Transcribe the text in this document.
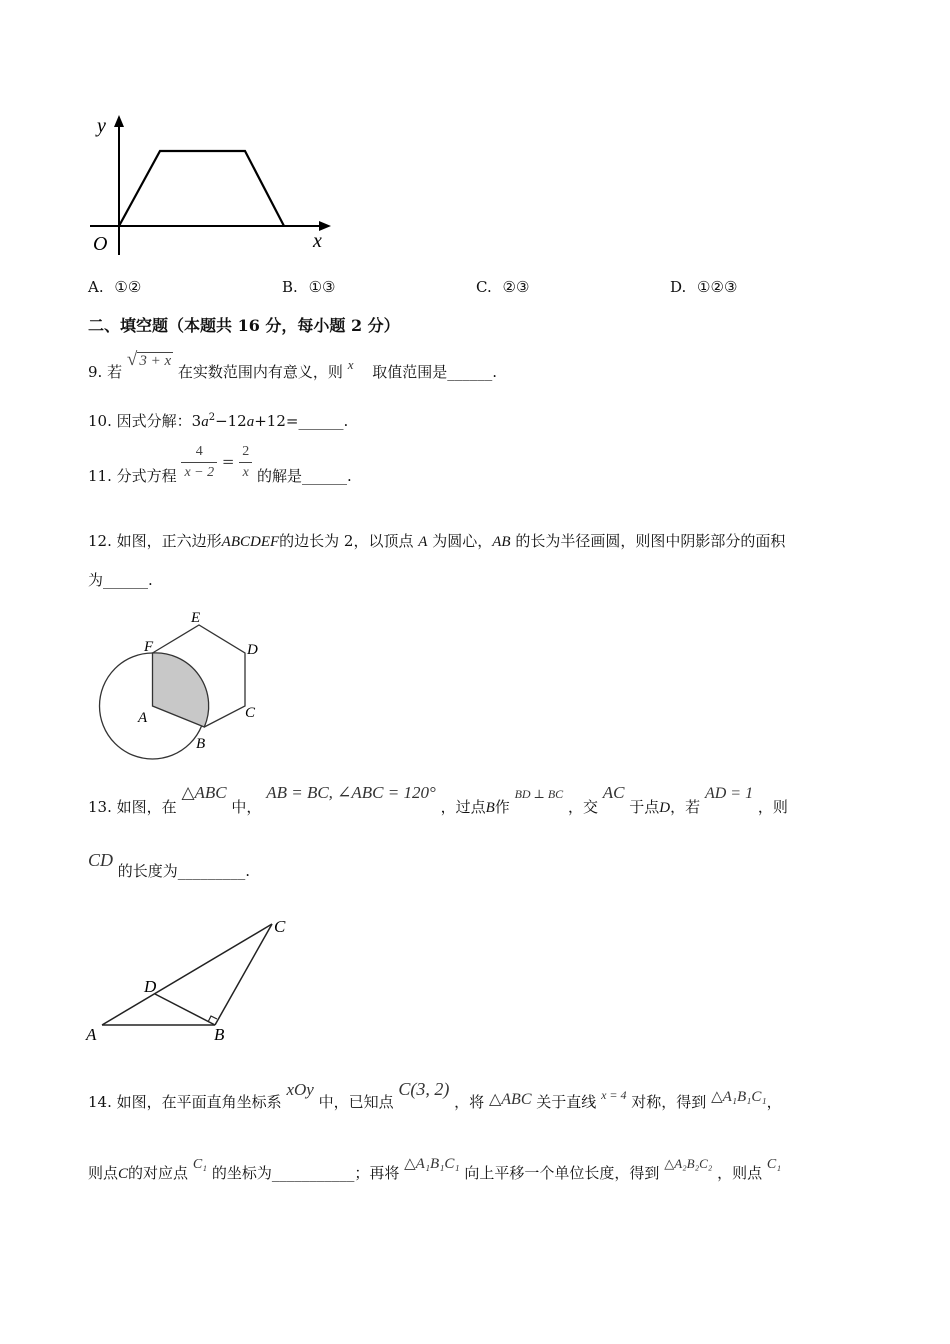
y
x
O
A. ①②	B. ①③	C. ②③	D. ①②③
二、填空题（本题共 16 分，每小题 2 分）
9. 若 √ 3 + x 在实数范围内有意义，则 x 取值范围是______.
10. 因式分解：$3a^2-12a+12=\_\_\_\_\_\_$.
11. 分式方程 $\frac{4}{x - 2} = \frac{2}{x}$ 的解是______.
12. 如图，正六边形ABCDEF的边长为 2，以顶点 A 为圆心，AB 的长为半径画圆，则图中阴影部分的面积
为______.
E
F	D
A	C
B
13. 如图，在 △ABC 中， AB = BC, ∠ABC = 120° ，过点B作 $^{BD \perp BC}$ ，交 AC 于点D，若 AD = 1 ，则
CD 的长度为_________.
C
D
A	B
14. 如图，在平面直角坐标系 xOy 中，已知点 C(3, 2) ，将 △ABC 关于直线 $^{x = 4}$ 对称，得到 △A₁B₁C₁，
则点C的对应点 C₁ 的坐标为___________；再将 △A₁B₁C₁ 向上平移一个单位长度，得到 △A₂B₂C₂ ，则点 C₁
